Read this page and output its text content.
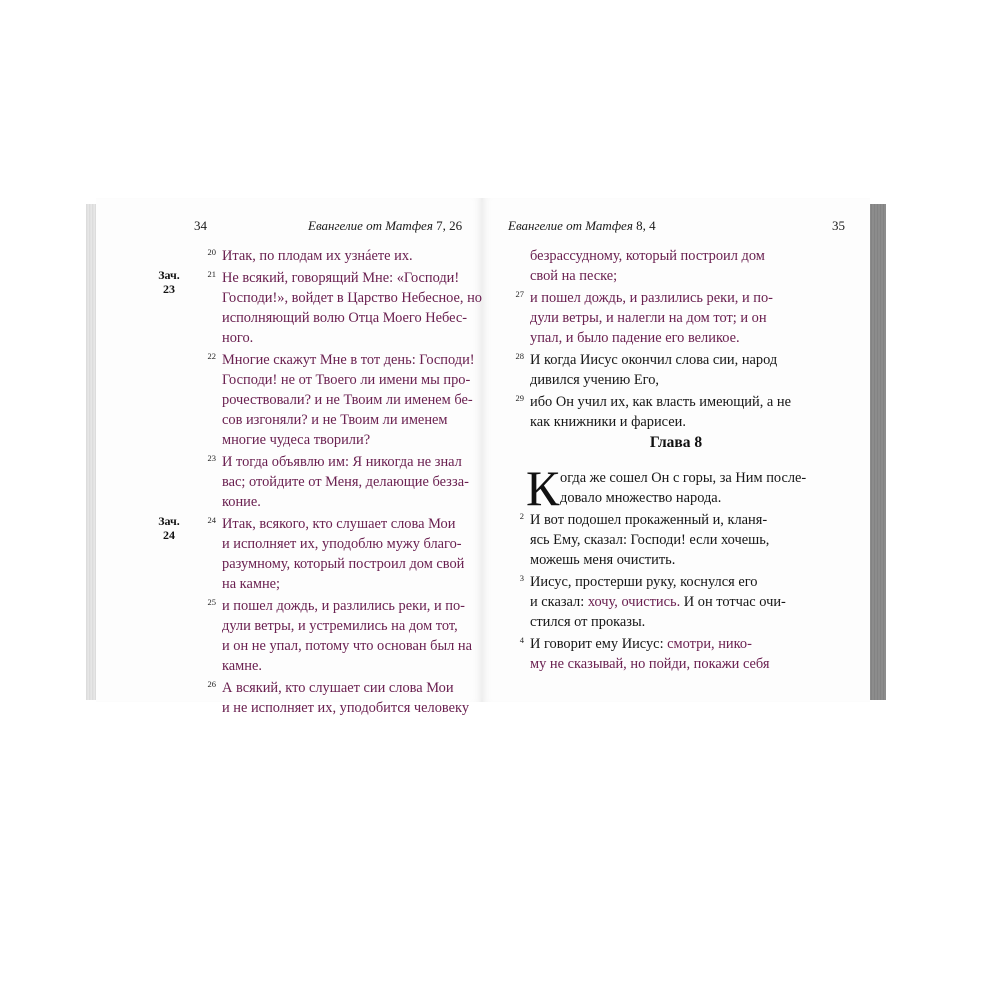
34	Евангелие от Матфея 7, 26
20 Итак, по плодам их узнáете их.
21
Зач.
23
Не всякий, говорящий Мне: «Господи!
Господи!», войдет в Царство Небесное, но
исполняющий волю Отца Моего Небес-
ного.
22 Многие скажут Мне в тот день: Господи!
Господи! не от Твоего ли имени мы про-
рочествовали? и не Твоим ли именем бе-
сов изгоняли? и не Твоим ли именем
многие чудеса творили?
23 И тогда объявлю им: Я никогда не знал
вас; отойдите от Меня, делающие безза-
коние.
24
Зач.
24
Итак, всякого, кто слушает слова Мои
и исполняет их, уподоблю мужу благо-
разумному, который построил дом свой
на камне;
25 и пошел дождь, и разлились реки, и по-
дули ветры, и устремились на дом тот,
и он не упал, потому что основан был на
камне.
26 А всякий, кто слушает сии слова Мои
и не исполняет их, уподобится человеку
Евангелие от Матфея 8, 4	35
безрассудному, который построил дом
свой на песке;
27 и пошел дождь, и разлились реки, и по-
дули ветры, и налегли на дом тот; и он
упал, и было падение его великое.
28 И когда Иисус окончил слова сии, народ
дивился учению Его,
29 ибо Он учил их, как власть имеющий, а не
как книжники и фарисеи.
Глава 8
К огда же сошел Он с горы, за Ним после-
довало множество народа.
2 И вот подошел прокаженный и, кланя-
ясь Ему, сказал: Господи! если хочешь,
можешь меня очистить.
3 Иисус, простерши руку, коснулся его
и сказал: хочу, очистись. И он тотчас очи-
стился от проказы.
4 И говорит ему Иисус: смотри, нико-
му не сказывай, но пойди, покажи себя
